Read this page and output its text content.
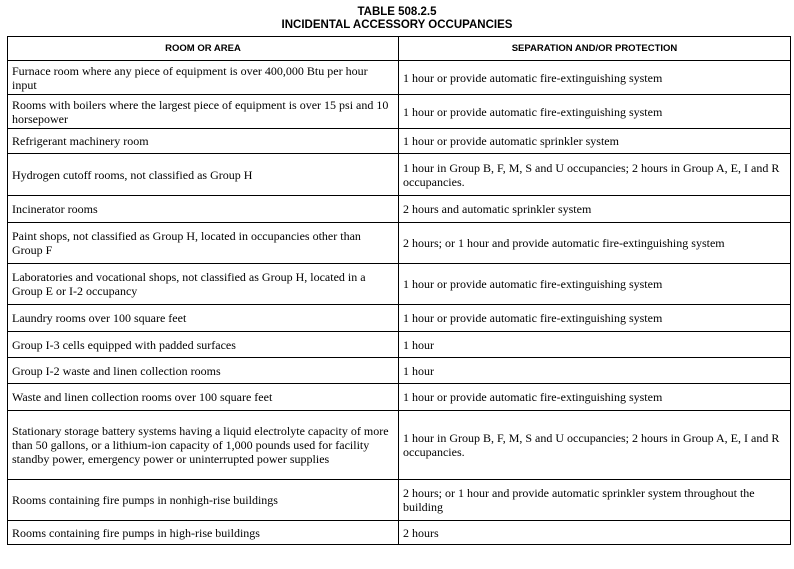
TABLE 508.2.5
INCIDENTAL ACCESSORY OCCUPANCIES
ROOM OR AREA	SEPARATION AND/OR PROTECTION
Furnace room where any piece of equipment is over 400,000 Btu per hour input	1 hour or provide automatic fire-extinguishing system
Rooms with boilers where the largest piece of equipment is over 15 psi and 10 horsepower	1 hour or provide automatic fire-extinguishing system
Refrigerant machinery room	1 hour or provide automatic sprinkler system
Hydrogen cutoff rooms, not classified as Group H	1 hour in Group B, F, M, S and U occupancies; 2 hours in Group A, E, I and R occupancies.
Incinerator rooms	2 hours and automatic sprinkler system
Paint shops, not classified as Group H, located in occupancies other than Group F	2 hours; or 1 hour and provide automatic fire-extinguishing system
Laboratories and vocational shops, not classified as Group H, located in a Group E or I-2 occupancy	1 hour or provide automatic fire-extinguishing system
Laundry rooms over 100 square feet	1 hour or provide automatic fire-extinguishing system
Group I-3 cells equipped with padded surfaces	1 hour
Group I-2 waste and linen collection rooms	1 hour
Waste and linen collection rooms over 100 square feet	1 hour or provide automatic fire-extinguishing system
Stationary storage battery systems having a liquid electrolyte capacity of more than 50 gallons, or a lithium-ion capacity of 1,000 pounds used for facility standby power, emergency power or uninterrupted power supplies	1 hour in Group B, F, M, S and U occupancies; 2 hours in Group A, E, I and R occupancies.
Rooms containing fire pumps in nonhigh-rise buildings	2 hours; or 1 hour and provide automatic sprinkler system throughout the building
Rooms containing fire pumps in high-rise buildings	2 hours
